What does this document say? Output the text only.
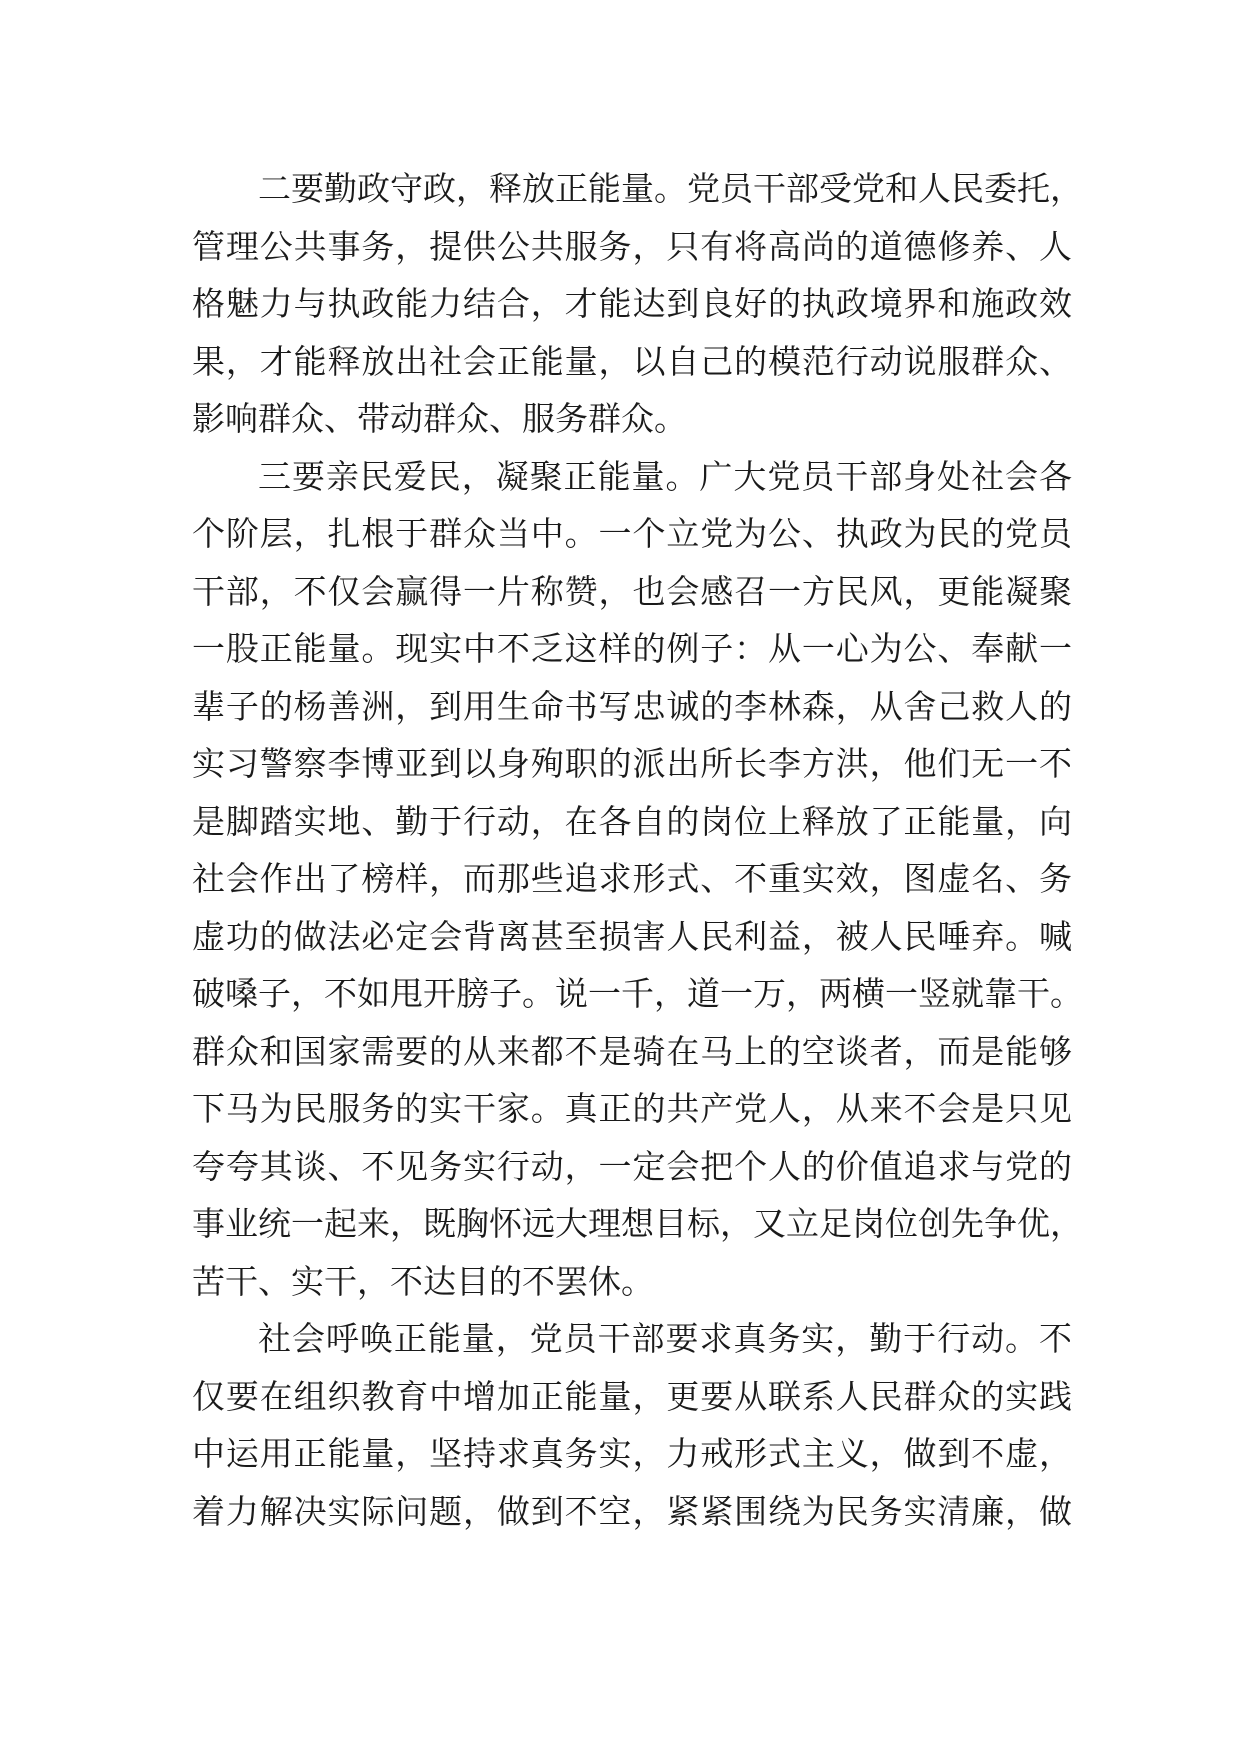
二要勤政守政，释放正能量。党员干部受党和人民委托，
管理公共事务，提供公共服务，只有将高尚的道德修养、人
格魅力与执政能力结合，才能达到良好的执政境界和施政效
果，才能释放出社会正能量，以自己的模范行动说服群众、
影响群众、带动群众、服务群众。
三要亲民爱民，凝聚正能量。广大党员干部身处社会各
个阶层，扎根于群众当中。一个立党为公、执政为民的党员
干部，不仅会赢得一片称赞，也会感召一方民风，更能凝聚
一股正能量。现实中不乏这样的例子：从一心为公、奉献一
辈子的杨善洲，到用生命书写忠诚的李林森，从舍己救人的
实习警察李博亚到以身殉职的派出所长李方洪，他们无一不
是脚踏实地、勤于行动，在各自的岗位上释放了正能量，向
社会作出了榜样，而那些追求形式、不重实效，图虚名、务
虚功的做法必定会背离甚至损害人民利益，被人民唾弃。喊
破嗓子，不如甩开膀子。说一千，道一万，两横一竖就靠干。
群众和国家需要的从来都不是骑在马上的空谈者，而是能够
下马为民服务的实干家。真正的共产党人，从来不会是只见
夸夸其谈、不见务实行动，一定会把个人的价值追求与党的
事业统一起来，既胸怀远大理想目标，又立足岗位创先争优，
苦干、实干，不达目的不罢休。
社会呼唤正能量，党员干部要求真务实，勤于行动。不
仅要在组织教育中增加正能量，更要从联系人民群众的实践
中运用正能量，坚持求真务实，力戒形式主义，做到不虚，
着力解决实际问题，做到不空，紧紧围绕为民务实清廉，做
